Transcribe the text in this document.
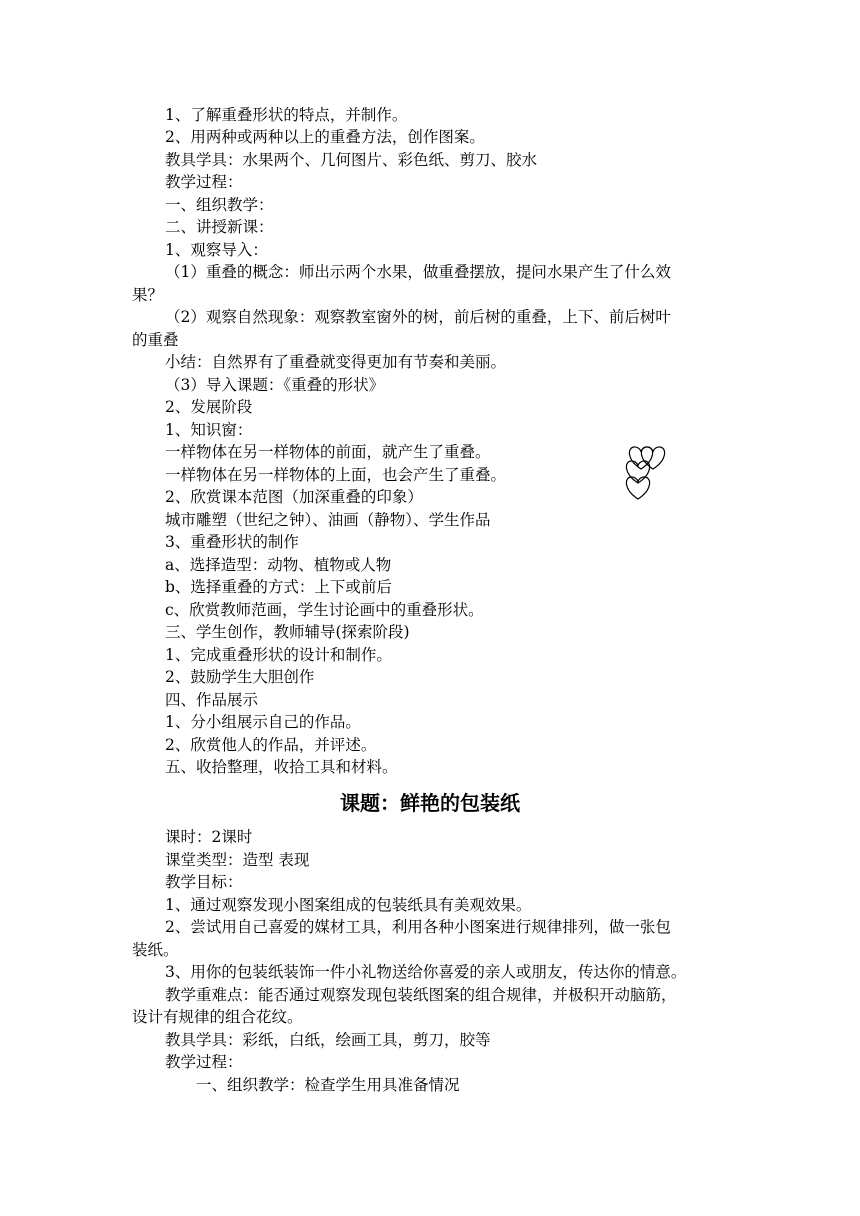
1、了解重叠形状的特点，并制作。
2、用两种或两种以上的重叠方法，创作图案。
教具学具：水果两个、几何图片、彩色纸、剪刀、胶水
教学过程：
一、组织教学：
二、讲授新课：
1、观察导入：
（1）重叠的概念：师出示两个水果，做重叠摆放，提问水果产生了什么效
果？
（2）观察自然现象：观察教室窗外的树，前后树的重叠，上下、前后树叶
的重叠
小结：自然界有了重叠就变得更加有节奏和美丽。
（3）导入课题：《重叠的形状》
2、发展阶段
1、知识窗：
一样物体在另一样物体的前面，就产生了重叠。
一样物体在另一样物体的上面，也会产生了重叠。
2、欣赏课本范图（加深重叠的印象）
城市雕塑（世纪之钟）、油画（静物）、学生作品
3、重叠形状的制作
a、选择造型：动物、植物或人物
b、选择重叠的方式：上下或前后
c、欣赏教师范画，学生讨论画中的重叠形状。
三、学生创作，教师辅导(探索阶段)
1、完成重叠形状的设计和制作。
2、鼓励学生大胆创作
四、作品展示
1、分小组展示自己的作品。
2、欣赏他人的作品，并评述。
五、收拾整理，收拾工具和材料。
课题：鲜艳的包装纸
课时：2课时
课堂类型：造型 表现
教学目标：
1、通过观察发现小图案组成的包装纸具有美观效果。
2、尝试用自己喜爱的媒材工具，利用各种小图案进行规律排列，做一张包
装纸。
3、用你的包装纸装饰一件小礼物送给你喜爱的亲人或朋友，传达你的情意。
教学重难点：能否通过观察发现包装纸图案的组合规律，并极积开动脑筋，
设计有规律的组合花纹。
教具学具：彩纸，白纸，绘画工具，剪刀，胶等
教学过程：
一、组织教学：检查学生用具准备情况
